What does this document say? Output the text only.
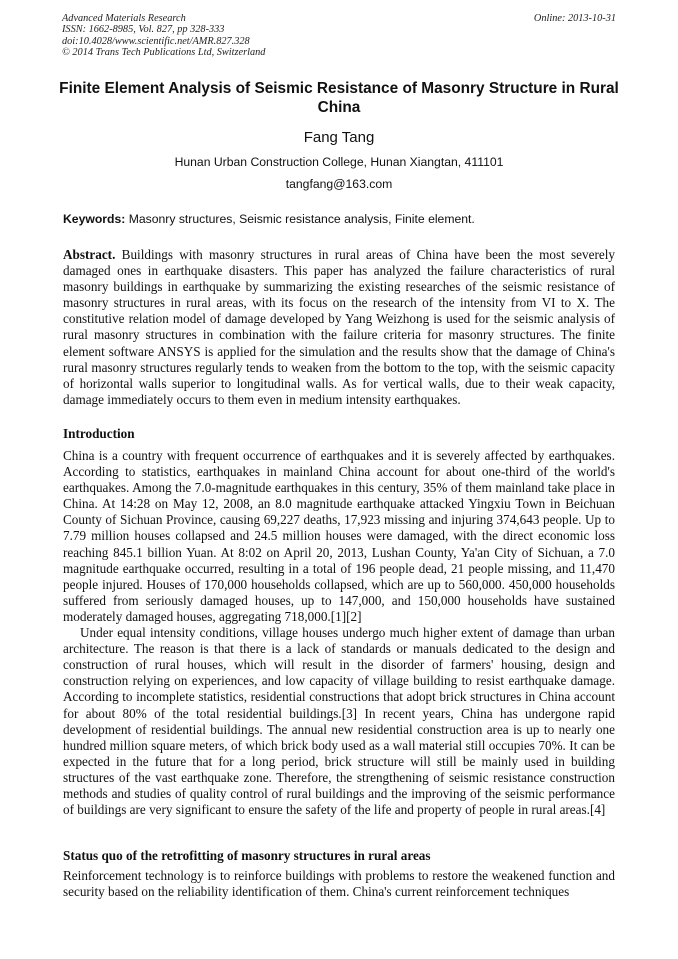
Advanced Materials Research
ISSN: 1662-8985, Vol. 827, pp 328-333
doi:10.4028/www.scientific.net/AMR.827.328
© 2014 Trans Tech Publications Ltd, Switzerland
Online: 2013-10-31
Finite Element Analysis of Seismic Resistance of Masonry Structure in Rural China
Fang Tang
Hunan Urban Construction College, Hunan Xiangtan, 411101
tangfang@163.com
Keywords: Masonry structures, Seismic resistance analysis, Finite element.
Abstract. Buildings with masonry structures in rural areas of China have been the most severely damaged ones in earthquake disasters. This paper has analyzed the failure characteristics of rural masonry buildings in earthquake by summarizing the existing researches of the seismic resistance of masonry structures in rural areas, with its focus on the research of the intensity from VI to X. The constitutive relation model of damage developed by Yang Weizhong is used for the seismic analysis of rural masonry structures in combination with the failure criteria for masonry structures. The finite element software ANSYS is applied for the simulation and the results show that the damage of China's rural masonry structures regularly tends to weaken from the bottom to the top, with the seismic capacity of horizontal walls superior to longitudinal walls. As for vertical walls, due to their weak capacity, damage immediately occurs to them even in medium intensity earthquakes.
Introduction

China is a country with frequent occurrence of earthquakes and it is severely affected by earthquakes. According to statistics, earthquakes in mainland China account for about one-third of the world's earthquakes. Among the 7.0-magnitude earthquakes in this century, 35% of them mainland take place in China. At 14:28 on May 12, 2008, an 8.0 magnitude earthquake attacked Yingxiu Town in Beichuan County of Sichuan Province, causing 69,227 deaths, 17,923 missing and injuring 374,643 people. Up to 7.79 million houses collapsed and 24.5 million houses were damaged, with the direct economic loss reaching 845.1 billion Yuan. At 8:02 on April 20, 2013, Lushan County, Ya'an City of Sichuan, a 7.0 magnitude earthquake occurred, resulting in a total of 196 people dead, 21 people missing, and 11,470 people injured. Houses of 170,000 households collapsed, which are up to 560,000. 450,000 households suffered from seriously damaged houses, up to 147,000, and 150,000 households have sustained moderately damaged houses, aggregating 718,000.[1][2]

Under equal intensity conditions, village houses undergo much higher extent of damage than urban architecture. The reason is that there is a lack of standards or manuals dedicated to the design and construction of rural houses, which will result in the disorder of farmers' housing, design and construction relying on experiences, and low capacity of village building to resist earthquake damage. According to incomplete statistics, residential constructions that adopt brick structures in China account for about 80% of the total residential buildings.[3] In recent years, China has undergone rapid development of residential buildings. The annual new residential construction area is up to nearly one hundred million square meters, of which brick body used as a wall material still occupies 70%. It can be expected in the future that for a long period, brick structure will still be mainly used in building structures of the vast earthquake zone. Therefore, the strengthening of seismic resistance construction methods and studies of quality control of rural buildings and the improving of the seismic performance of buildings are very significant to ensure the safety of the life and property of people in rural areas.[4]

Status quo of the retrofitting of masonry structures in rural areas

Reinforcement technology is to reinforce buildings with problems to restore the weakened function and security based on the reliability identification of them. China's current reinforcement techniques
